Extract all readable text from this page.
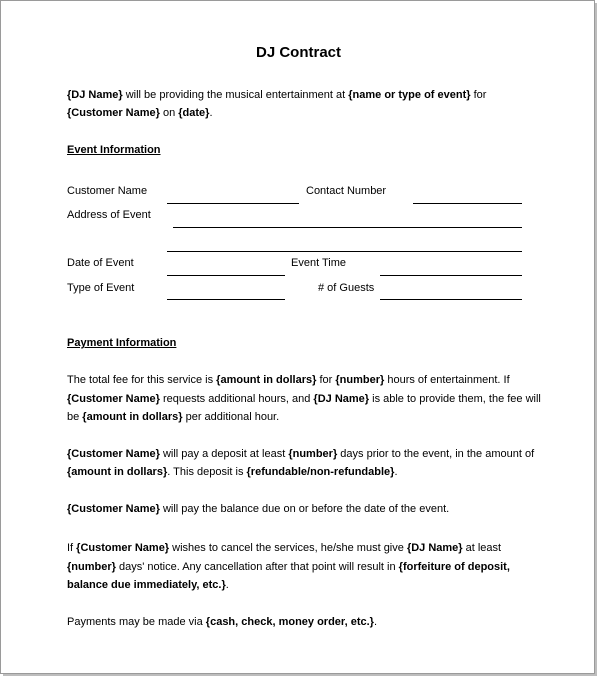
DJ Contract
{DJ Name} will be providing the musical entertainment at {name or type of event} for
{Customer Name} on {date}.
Event Information
Customer Name	Contact Number
Address of Event
Date of Event	Event Time
Type of Event	# of Guests
Payment Information
The total fee for this service is {amount in dollars} for {number} hours of entertainment. If
{Customer Name} requests additional hours, and {DJ Name} is able to provide them, the fee will
be {amount in dollars} per additional hour.
{Customer Name} will pay a deposit at least {number} days prior to the event, in the amount of
{amount in dollars}. This deposit is {refundable/non-refundable}.
{Customer Name} will pay the balance due on or before the date of the event.
If {Customer Name} wishes to cancel the services, he/she must give {DJ Name} at least
{number} days' notice. Any cancellation after that point will result in {forfeiture of deposit,
balance due immediately, etc.}.
Payments may be made via {cash, check, money order, etc.}.
